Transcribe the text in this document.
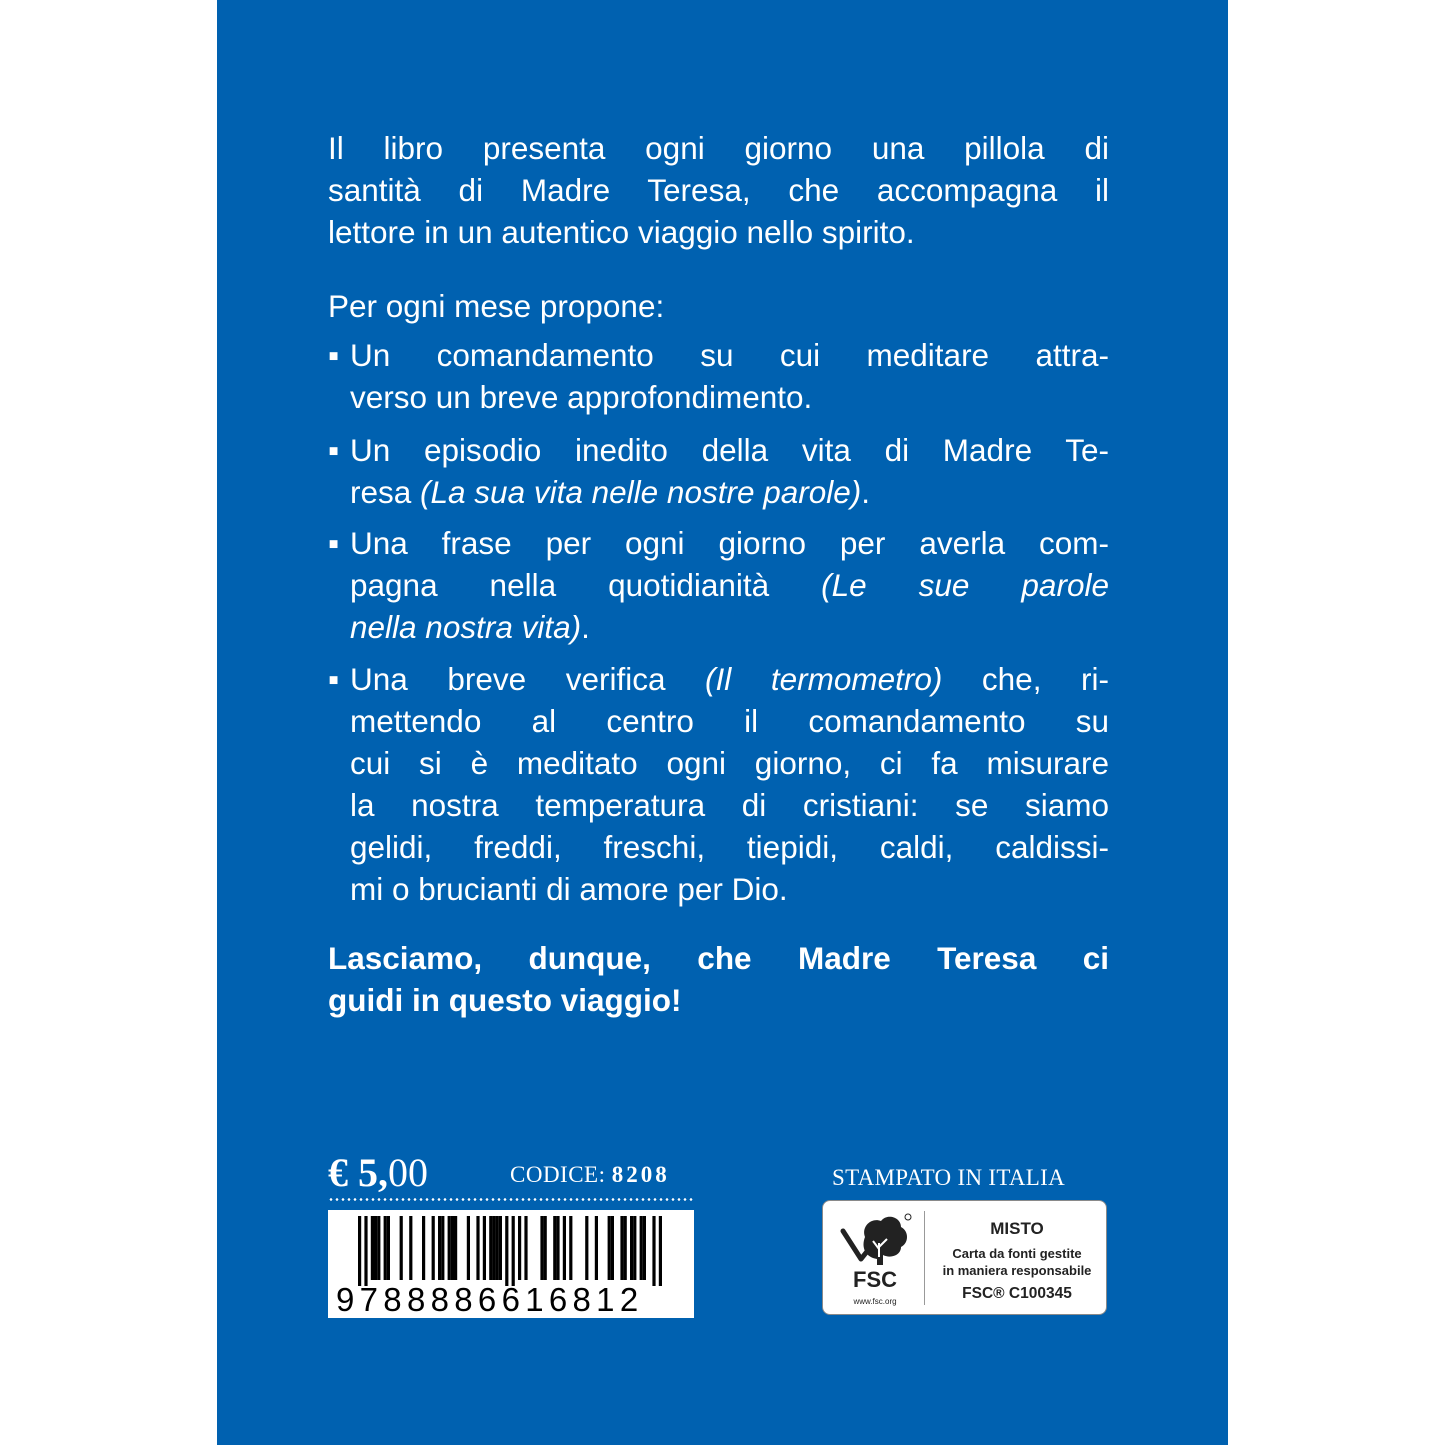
Il libro presenta ogni giorno una pillola di
santità di Madre Teresa, che accompagna il
lettore in un autentico viaggio nello spirito.
Per ogni mese propone:
▪ Un comandamento su cui meditare attra-
verso un breve approfondimento.
▪ Un episodio inedito della vita di Madre Te-
resa (La sua vita nelle nostre parole).
▪ Una frase per ogni giorno per averla com-
pagna nella quotidianità (Le sue parole
nella nostra vita).
▪ Una breve verifica (Il termometro) che, ri-
mettendo al centro il comandamento su
cui si è meditato ogni giorno, ci fa misurare
la nostra temperatura di cristiani: se siamo
gelidi, freddi, freschi, tiepidi, caldi, caldissi-
mi o brucianti di amore per Dio.
Lasciamo, dunque, che Madre Teresa ci
guidi in questo viaggio!
€ 5,00	CODICE: 8208
9788886616812
STAMPATO IN ITALIA
FSC
www.fsc.org
MISTO
Carta da fonti gestite
in maniera responsabile
FSC® C100345
